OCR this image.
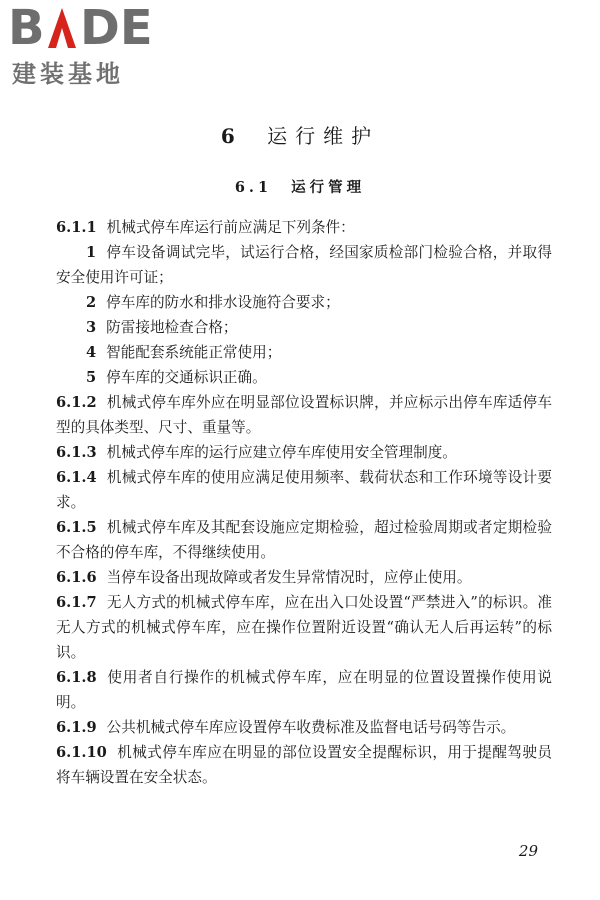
B DE
建装基地
6 运行维护
6.1 运行管理

6.1.1 机械式停车库运行前应满足下列条件：

1 停车设备调试完毕，试运行合格，经国家质检部门检验合格，并取得安全使用许可证；

2 停车库的防水和排水设施符合要求；

3 防雷接地检查合格；

4 智能配套系统能正常使用；

5 停车库的交通标识正确。

6.1.2 机械式停车库外应在明显部位设置标识牌，并应标示出停车库适停车型的具体类型、尺寸、重量等。

6.1.3 机械式停车库的运行应建立停车库使用安全管理制度。

6.1.4 机械式停车库的使用应满足使用频率、载荷状态和工作环境等设计要求。

6.1.5 机械式停车库及其配套设施应定期检验，超过检验周期或者定期检验不合格的停车库，不得继续使用。

6.1.6 当停车设备出现故障或者发生异常情况时，应停止使用。

6.1.7 无人方式的机械式停车库，应在出入口处设置“严禁进入”的标识。准无人方式的机械式停车库，应在操作位置附近设置“确认无人后再运转”的标识。

6.1.8 使用者自行操作的机械式停车库，应在明显的位置设置操作使用说明。

6.1.9 公共机械式停车库应设置停车收费标准及监督电话号码等告示。

6.1.10 机械式停车库应在明显的部位设置安全提醒标识，用于提醒驾驶员将车辆设置在安全状态。

29
